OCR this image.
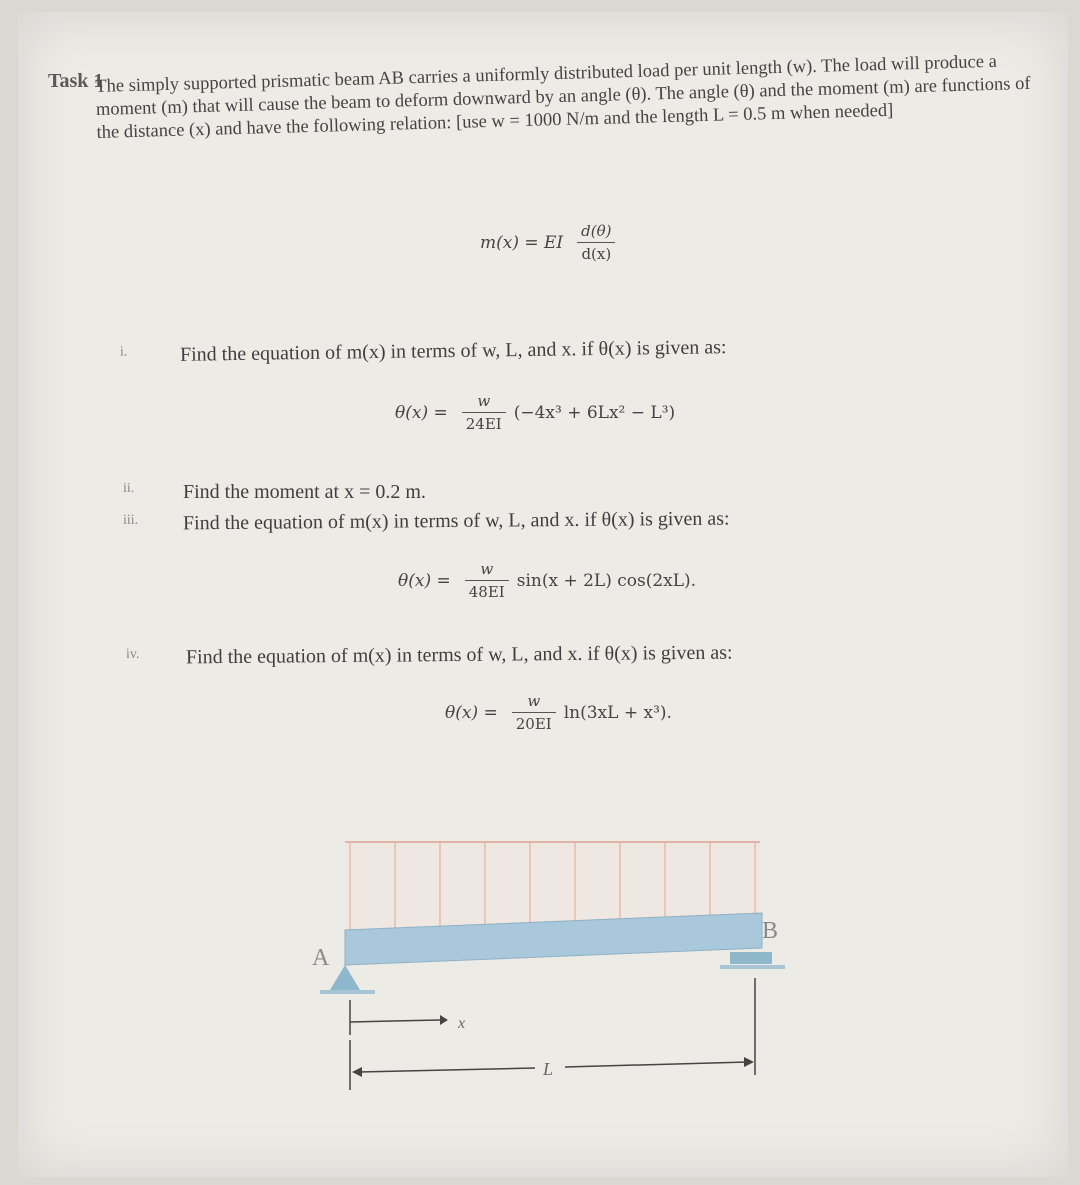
Task 1
The simply supported prismatic beam AB carries a uniformly distributed load per unit length (w). The load will produce a moment (m) that will cause the beam to deform downward by an angle (θ). The angle (θ) and the moment (m) are functions of the distance (x) and have the following relation: [use w = 1000 N/m and the length L = 0.5 m when needed]
m(x) = EI $\frac{d(\theta)}{d(x)}$
i.	Find the equation of m(x) in terms of w, L, and x. if θ(x) is given as:
$\theta(x) = \frac{w}{24EI} (-4x^3 + 6Lx^2 - L^3)$
ii. Find the moment at x = 0.2 m.
iii. Find the equation of m(x) in terms of w, L, and x. if θ(x) is given as:
$\theta(x) = \frac{w}{48EI} \sin(x + 2L)$ cos(2xL).
iv. Find the equation of m(x) in terms of w, L, and x. if θ(x) is given as:
$\theta(x) = \frac{w}{20EI} \ln(3xL + x^3)$.
A
B
x
L
